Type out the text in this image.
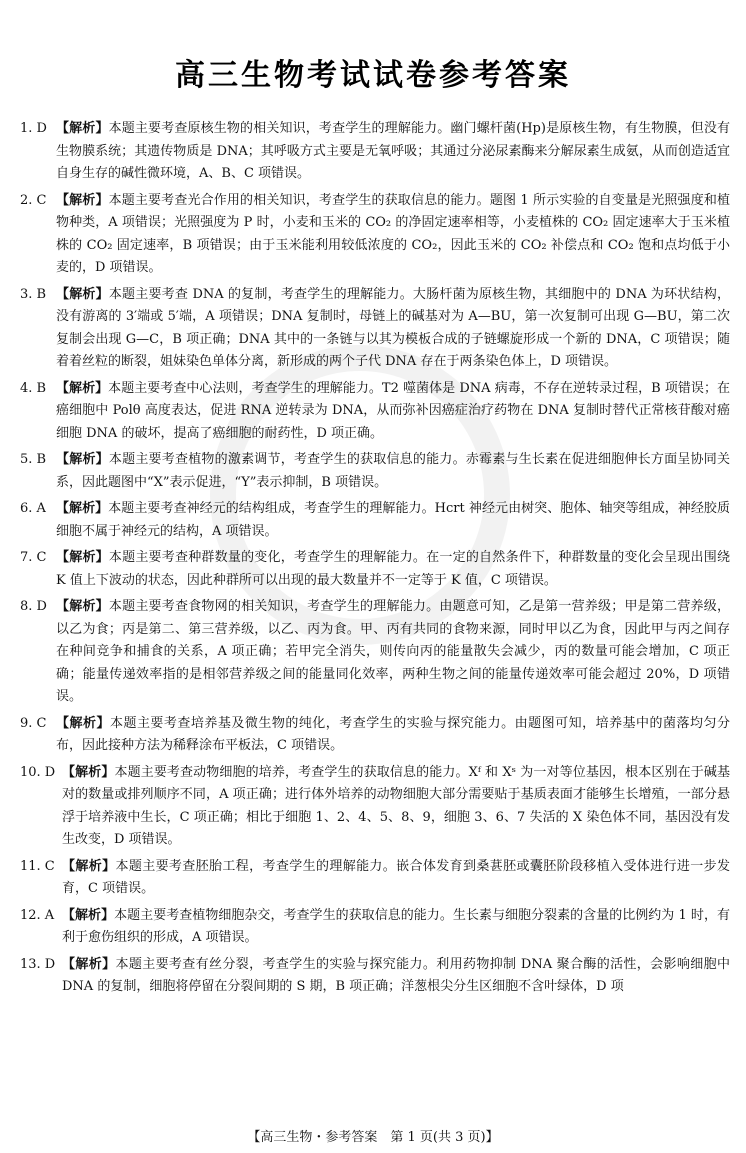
高三生物考试试卷参考答案
1. D 【解析】本题主要考查原核生物的相关知识，考查学生的理解能力。幽门螺杆菌(Hp)是原核生物，有生物膜，但没有生物膜系统；其遗传物质是 DNA；其呼吸方式主要是无氧呼吸；其通过分泌尿素酶来分解尿素生成氨，从而创造适宜自身生存的碱性微环境，A、B、C 项错误。
2. C 【解析】本题主要考查光合作用的相关知识，考查学生的获取信息的能力。题图 1 所示实验的自变量是光照强度和植物种类，A 项错误；光照强度为 P 时，小麦和玉米的 CO₂ 的净固定速率相等，小麦植株的 CO₂ 固定速率大于玉米植株的 CO₂ 固定速率，B 项错误；由于玉米能利用较低浓度的 CO₂，因此玉米的 CO₂ 补偿点和 CO₂ 饱和点均低于小麦的，D 项错误。
3. B 【解析】本题主要考查 DNA 的复制，考查学生的理解能力。大肠杆菌为原核生物，其细胞中的 DNA 为环状结构，没有游离的 3′端或 5′端，A 项错误；DNA 复制时，母链上的碱基对为 A—BU，第一次复制可出现 G—BU，第二次复制会出现 G—C，B 项正确；DNA 其中的一条链与以其为模板合成的子链螺旋形成一个新的 DNA，C 项错误；随着着丝粒的断裂，姐妹染色单体分离，新形成的两个子代 DNA 存在于两条染色体上，D 项错误。
4. B 【解析】本题主要考查中心法则，考查学生的理解能力。T2 噬菌体是 DNA 病毒，不存在逆转录过程，B 项错误；在癌细胞中 Polθ 高度表达，促进 RNA 逆转录为 DNA，从而弥补因癌症治疗药物在 DNA 复制时替代正常核苷酸对癌细胞 DNA 的破坏，提高了癌细胞的耐药性，D 项正确。
5. B 【解析】本题主要考查植物的激素调节，考查学生的获取信息的能力。赤霉素与生长素在促进细胞伸长方面呈协同关系，因此题图中“X”表示促进，“Y”表示抑制，B 项错误。
6. A 【解析】本题主要考查神经元的结构组成，考查学生的理解能力。Hcrt 神经元由树突、胞体、轴突等组成，神经胶质细胞不属于神经元的结构，A 项错误。
7. C 【解析】本题主要考查种群数量的变化，考查学生的理解能力。在一定的自然条件下，种群数量的变化会呈现出围绕 K 值上下波动的状态，因此种群所可以出现的最大数量并不一定等于 K 值，C 项错误。
8. D 【解析】本题主要考查食物网的相关知识，考查学生的理解能力。由题意可知，乙是第一营养级；甲是第二营养级，以乙为食；丙是第二、第三营养级，以乙、丙为食。甲、丙有共同的食物来源，同时甲以乙为食，因此甲与丙之间存在种间竞争和捕食的关系，A 项正确；若甲完全消失，则传向丙的能量散失会减少，丙的数量可能会增加，C 项正确；能量传递效率指的是相邻营养级之间的能量同化效率，两种生物之间的能量传递效率可能会超过 20%，D 项错误。
9. C 【解析】本题主要考查培养基及微生物的纯化，考查学生的实验与探究能力。由题图可知，培养基中的菌落均匀分布，因此接种方法为稀释涂布平板法，C 项错误。
10. D 【解析】本题主要考查动物细胞的培养，考查学生的获取信息的能力。Xᶠ 和 Xˢ 为一对等位基因，根本区别在于碱基对的数量或排列顺序不同，A 项正确；进行体外培养的动物细胞大部分需要贴于基质表面才能够生长增殖，一部分悬浮于培养液中生长，C 项正确；相比于细胞 1、2、4、5、8、9，细胞 3、6、7 失活的 X 染色体不同，基因没有发生改变，D 项错误。
11. C 【解析】本题主要考查胚胎工程，考查学生的理解能力。嵌合体发育到桑葚胚或囊胚阶段移植入受体进行进一步发育，C 项错误。
12. A 【解析】本题主要考查植物细胞杂交，考查学生的获取信息的能力。生长素与细胞分裂素的含量的比例约为 1 时，有利于愈伤组织的形成，A 项错误。
13. D 【解析】本题主要考查有丝分裂，考查学生的实验与探究能力。利用药物抑制 DNA 聚合酶的活性，会影响细胞中 DNA 的复制，细胞将停留在分裂间期的 S 期，B 项正确；洋葱根尖分生区细胞不含叶绿体，D 项
【高三生物・参考答案　第 1 页(共 3 页)】
